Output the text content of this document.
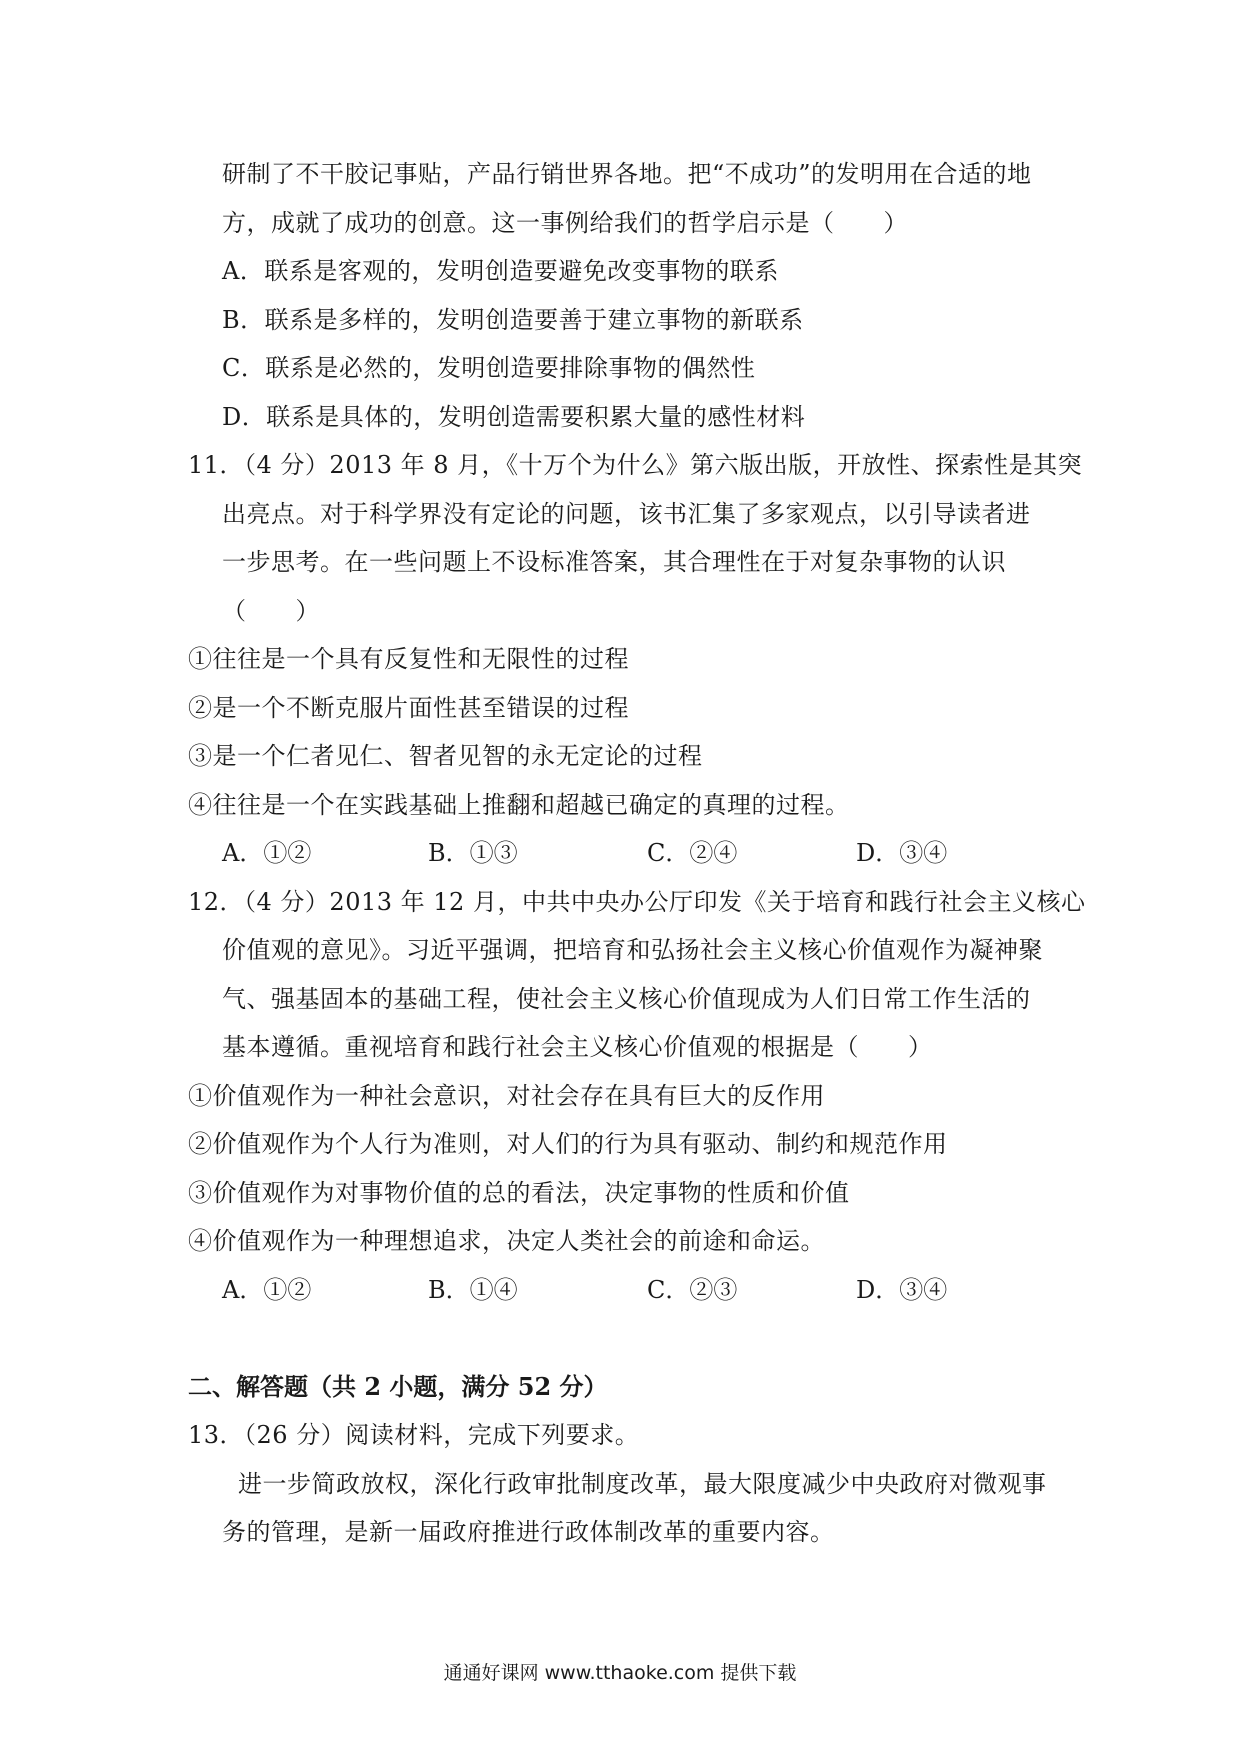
研制了不干胶记事贴，产品行销世界各地。把“不成功”的发明用在合适的地
方，成就了成功的创意。这一事例给我们的哲学启示是（　　）
A．联系是客观的，发明创造要避免改变事物的联系
B．联系是多样的，发明创造要善于建立事物的新联系
C．联系是必然的，发明创造要排除事物的偶然性
D．联系是具体的，发明创造需要积累大量的感性材料
11．（4 分）2013 年 8 月，《十万个为什么》第六版出版，开放性、探索性是其突
出亮点。对于科学界没有定论的问题，该书汇集了多家观点，以引导读者进
一步思考。在一些问题上不设标准答案，其合理性在于对复杂事物的认识
（　　）
①往往是一个具有反复性和无限性的过程
②是一个不断克服片面性甚至错误的过程
③是一个仁者见仁、智者见智的永无定论的过程
④往往是一个在实践基础上推翻和超越已确定的真理的过程。
A．①②	B．①③	C．②④	D．③④
12．（4 分）2013 年 12 月，中共中央办公厅印发《关于培育和践行社会主义核心
价值观的意见》。习近平强调，把培育和弘扬社会主义核心价值观作为凝神聚
气、强基固本的基础工程，使社会主义核心价值现成为人们日常工作生活的
基本遵循。重视培育和践行社会主义核心价值观的根据是（　　）
①价值观作为一种社会意识，对社会存在具有巨大的反作用
②价值观作为个人行为准则，对人们的行为具有驱动、制约和规范作用
③价值观作为对事物价值的总的看法，决定事物的性质和价值
④价值观作为一种理想追求，决定人类社会的前途和命运。
A．①②	B．①④	C．②③	D．③④
二、解答题（共 2 小题，满分 52 分）
13．（26 分）阅读材料，完成下列要求。
进一步简政放权，深化行政审批制度改革，最大限度减少中央政府对微观事
务的管理，是新一届政府推进行政体制改革的重要内容。
通通好课网 www.tthaoke.com 提供下载
